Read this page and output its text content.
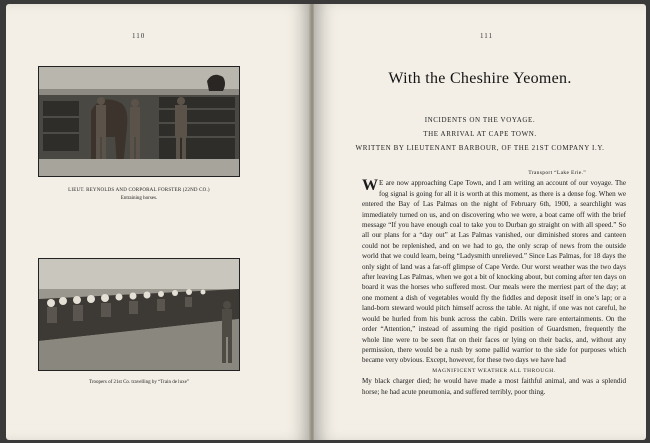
110
LIEUT. REYNOLDS AND CORPORAL FORSTER (22ND CO.)
Entraining horses.
Troopers of 21st Co. travelling by “Train de luxe”
111
With the Cheshire Yeomen.
INCIDENTS ON THE VOYAGE.
THE ARRIVAL AT CAPE TOWN.
WRITTEN BY LIEUTENANT BARBOUR, OF THE 21ST COMPANY I.Y.

Transport “Lake Erie.”

W E are now approaching Cape Town, and I am writing an account of our voyage. The fog signal is going for all it is worth at this moment, as there is a dense fog. When we entered the Bay of Las Palmas on the night of February 6th, 1900, a searchlight was immediately turned on us, and on discovering who we were, a boat came off with the brief message “If you have enough coal to take you to Durban go straight on with all speed.” So all our plans for a “day out” at Las Palmas vanished, our diminished stores and canteen could not be replenished, and on we had to go, the only scrap of news from the outside world that we could learn, being “Ladysmith unrelieved.” Since Las Palmas, for 18 days the only sight of land was a far-off glimpse of Cape Verde. Our worst weather was the two days after leaving Las Palmas, when we got a bit of knocking about, but coming after ten days on board it was the horses who suffered most. Our meals were the merriest part of the day; at one moment a dish of vegetables would fly the fiddles and deposit itself in one’s lap; or a land-born steward would pitch himself across the table. At night, if one was not careful, he would be hurled from his bunk across the cabin. Drills were rare entertainments. On the order “Attention,” instead of assuming the rigid position of Guardsmen, frequently the whole line were to be seen flat on their faces or lying on their backs, and, without any permission, there would be a rush by some pallid warrior to the side for purposes which became very obvious. Except, however, for these two days we have had

MAGNIFICENT WEATHER ALL THROUGH.

My black charger died; he would have made a most faithful animal, and was a splendid horse; he had acute pneumonia, and suffered terribly, poor thing.
